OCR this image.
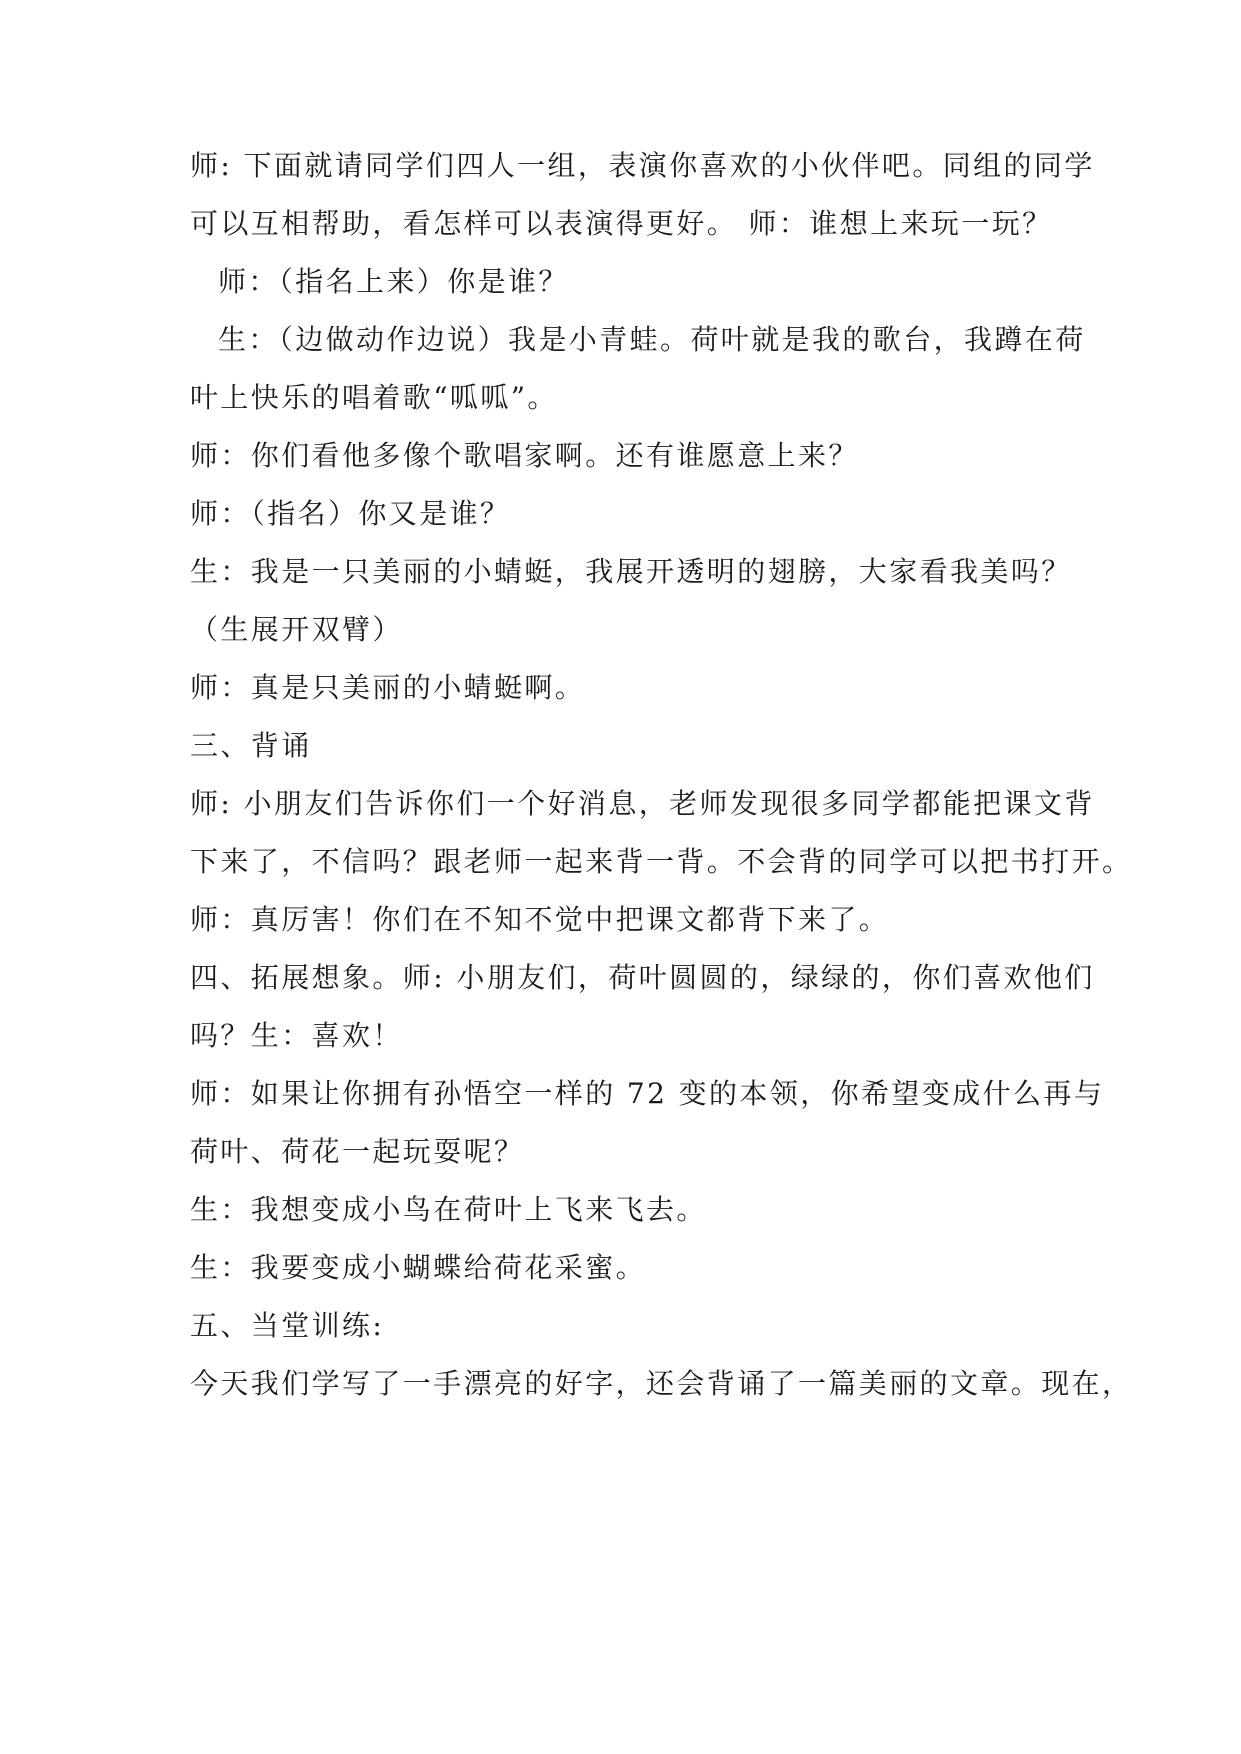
师: 下面就请同学们四人一组，表演你喜欢的小伙伴吧。同组的同学

可以互相帮助，看怎样可以表演得更好。 师：谁想上来玩一玩？

师：（指名上来）你是谁？

生：（边做动作边说）我是小青蛙。荷叶就是我的歌台，我蹲在荷

叶上快乐的唱着歌“呱呱”。

师：你们看他多像个歌唱家啊。还有谁愿意上来？

师：（指名）你又是谁？

生：我是一只美丽的小蜻蜓，我展开透明的翅膀，大家看我美吗？

（生展开双臂）

师：真是只美丽的小蜻蜓啊。

三、背诵

师: 小朋友们告诉你们一个好消息，老师发现很多同学都能把课文背

下来了，不信吗？跟老师一起来背一背。不会背的同学可以把书打开。

师：真厉害！你们在不知不觉中把课文都背下来了。

四、拓展想象。师: 小朋友们，荷叶圆圆的，绿绿的，你们喜欢他们

吗？生：喜欢！

师：如果让你拥有孙悟空一样的 72 变的本领，你希望变成什么再与

荷叶、荷花一起玩耍呢？

生：我想变成小鸟在荷叶上飞来飞去。

生：我要变成小蝴蝶给荷花采蜜。

五、当堂训练:

今天我们学写了一手漂亮的好字，还会背诵了一篇美丽的文章。现在，
